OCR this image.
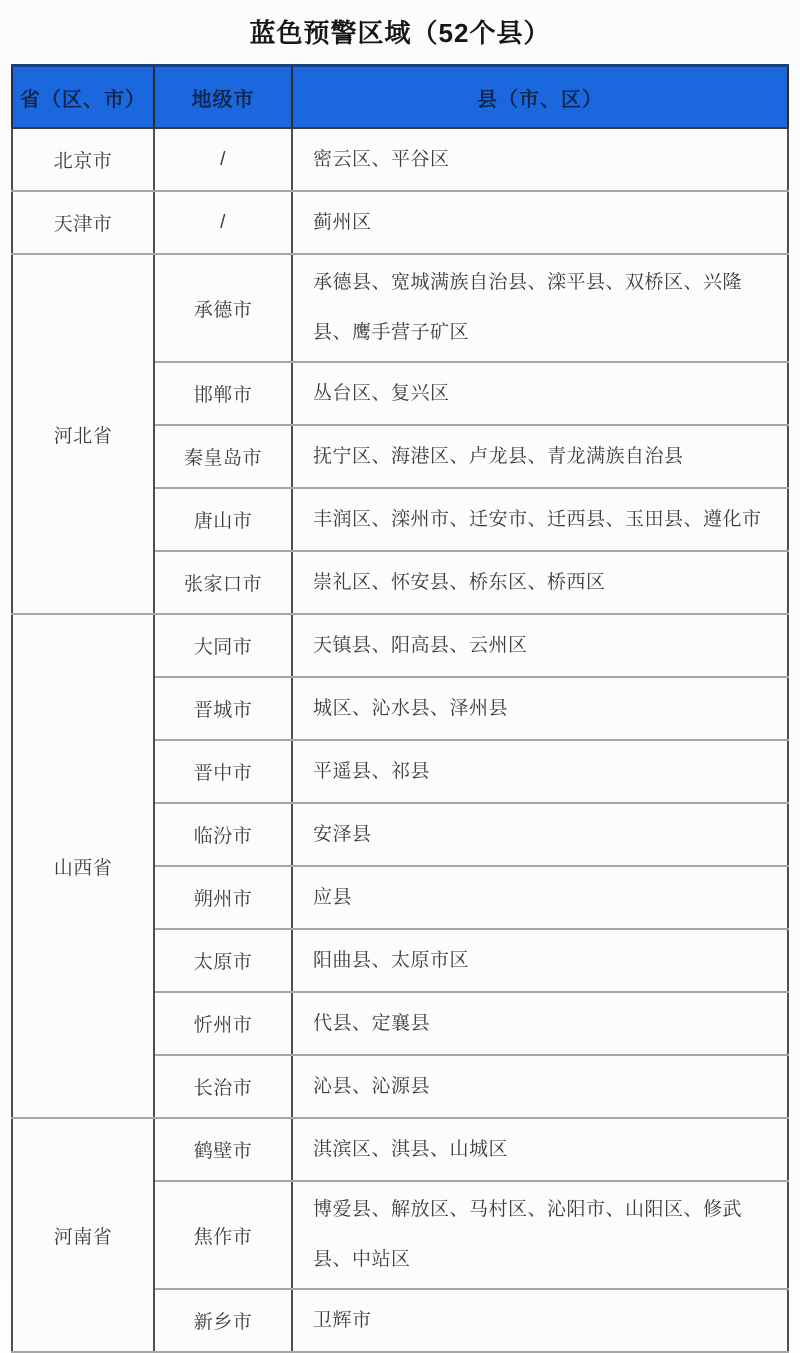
蓝色预警区域（52个县）
省（区、市）	地级市	县（市、区）
北京市	/	密云区、平谷区
天津市	/	蓟州区
河北省	承德市	承德县、宽城满族自治县、滦平县、双桥区、兴隆县、鹰手营子矿区
	邯郸市	丛台区、复兴区
	秦皇岛市	抚宁区、海港区、卢龙县、青龙满族自治县
	唐山市	丰润区、滦州市、迁安市、迁西县、玉田县、遵化市
	张家口市	崇礼区、怀安县、桥东区、桥西区
山西省	大同市	天镇县、阳高县、云州区
	晋城市	城区、沁水县、泽州县
	晋中市	平遥县、祁县
	临汾市	安泽县
	朔州市	应县
	太原市	阳曲县、太原市区
	忻州市	代县、定襄县
	长治市	沁县、沁源县
河南省	鹤壁市	淇滨区、淇县、山城区
	焦作市	博爱县、解放区、马村区、沁阳市、山阳区、修武县、中站区
	新乡市	卫辉市
